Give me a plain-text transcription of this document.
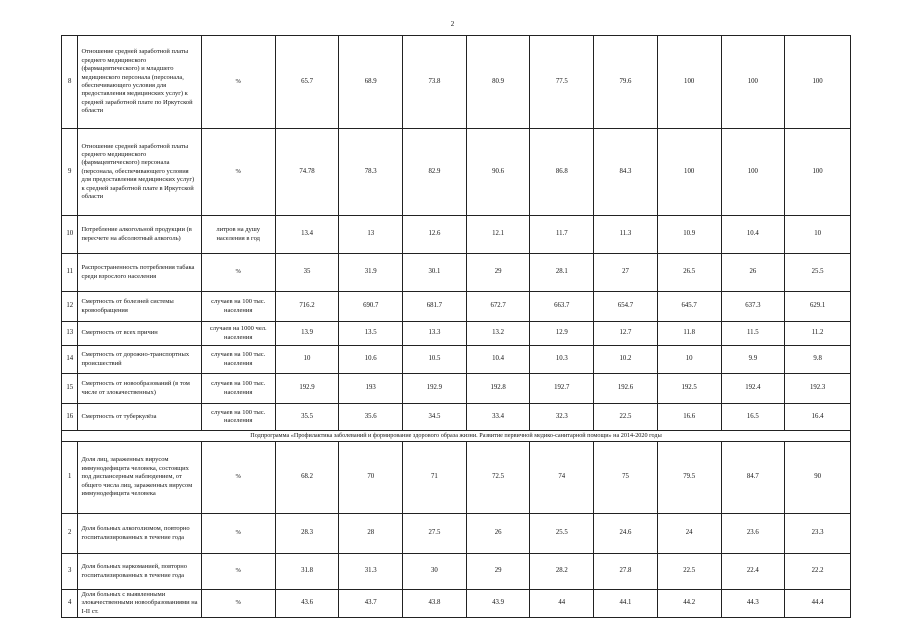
2
8	Отношение средней заработной платы среднего медицинского (фармацевтического) и младшего медицинского персонала (персонала, обеспечивающего условия для предоставления медицинских услуг) к средней заработной плате по Иркутской области	%	65.7	68.9	73.8	80.9	77.5	79.6	100	100	100
9	Отношение средней заработной платы среднего медицинского (фармацевтического) персонала (персонала, обеспечивающего условия для предоставления медицинских услуг) к средней заработной плате в Иркутской области	%	74.78	78.3	82.9	90.6	86.8	84.3	100	100	100
10	Потребление алкогольной продукции (в пересчете на абсолютный алкоголь)	литров на душу населения в год	13.4	13	12.6	12.1	11.7	11.3	10.9	10.4	10
11	Распространенность потребления табака среди взрослого населения	%	35	31.9	30.1	29	28.1	27	26.5	26	25.5
12	Смертность от болезней системы кровообращения	случаев на 100 тыс. населения	716.2	690.7	681.7	672.7	663.7	654.7	645.7	637.3	629.1
13	Смертность от всех причин	случаев на 1000 чел. населения	13.9	13.5	13.3	13.2	12.9	12.7	11.8	11.5	11.2
14	Смертность от дорожно-транспортных происшествий	случаев на 100 тыс. населения	10	10.6	10.5	10.4	10.3	10.2	10	9.9	9.8
15	Смертность от новообразований (в том числе от злокачественных)	случаев на 100 тыс. населения	192.9	193	192.9	192.8	192.7	192.6	192.5	192.4	192.3
16	Смертность от туберкулёза	случаев на 100 тыс. населения	35.5	35.6	34.5	33.4	32.3	22.5	16.6	16.5	16.4
Подпрограмма «Профилактика заболеваний и формирование здорового образа жизни. Развитие первичной медико-санитарной помощи» на 2014-2020 годы											
1	Доля лиц, зараженных вирусом иммунодефицита человека, состоящих под диспансерным наблюдением, от общего числа лиц, зараженных вирусом иммунодефицита человека	%	68.2	70	71	72.5	74	75	79.5	84.7	90
2	Доля больных алкоголизмом, повторно госпитализированных в течение года	%	28.3	28	27.5	26	25.5	24.6	24	23.6	23.3
3	Доля больных наркоманией, повторно госпитализированных в течение года	%	31.8	31.3	30	29	28.2	27.8	22.5	22.4	22.2
4	Доля больных с выявленными злокачественными новообразованиями на I-II ст.	%	43.6	43.7	43.8	43.9	44	44.1	44.2	44.3	44.4
